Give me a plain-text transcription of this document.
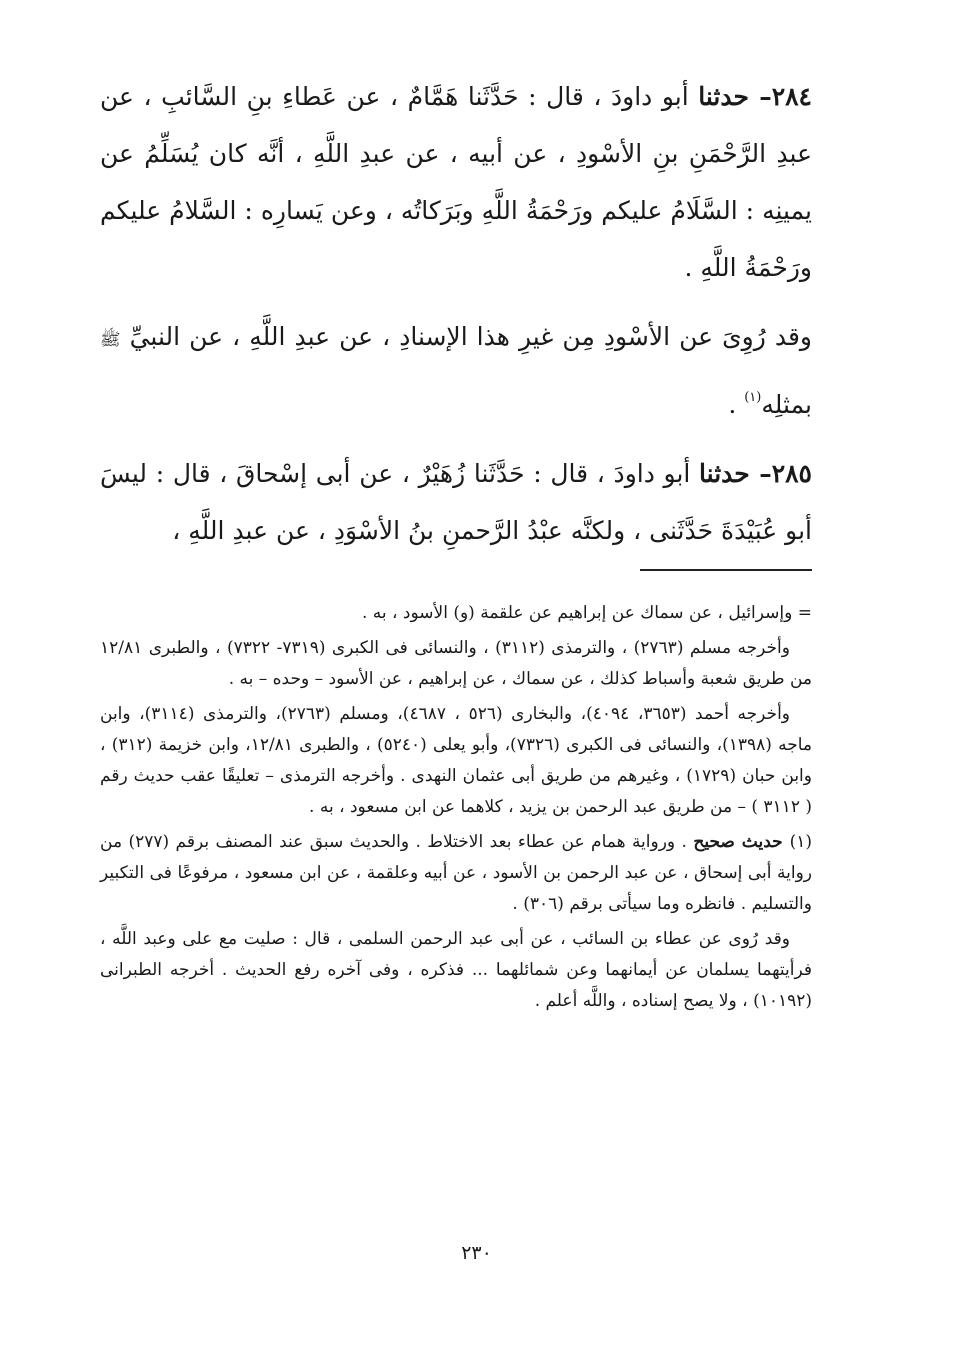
٢٨٤– حدثنا أبو داودَ ، قال : حَدَّثَنا هَمَّامٌ ، عن عَطاءِ بنِ السَّائبِ ، عن عبدِ الرَّحْمَنِ بنِ الأسْودِ ، عن أبيه ، عن عبدِ اللَّهِ ، أنَّه كان يُسَلِّمُ عن يمينِه : السَّلَامُ عليكم ورَحْمَةُ اللَّهِ وبَرَكاتُه ، وعن يَسارِه : السَّلامُ عليكم ورَحْمَةُ اللَّهِ .

وقد رُوِىَ عن الأسْودِ مِن غيرِ هذا الإسنادِ ، عن عبدِ اللَّهِ ، عن النبيِّ ﷺ بمثلِه$^{(١)}$ .

٢٨٥– حدثنا أبو داودَ ، قال : حَدَّثَنا زُهَيْرٌ ، عن أبى إسْحاقَ ، قال : ليسَ أبو عُبَيْدَةَ حَدَّثَنى ، ولكنَّه عبْدُ الرَّحمنِ بنُ الأسْوَدِ ، عن عبدِ اللَّهِ ،

= وإسرائيل ، عن سماك عن إبراهيم عن علقمة (و) الأسود ، به .

وأخرجه مسلم (٢٧٦٣) ، والترمذى (٣١١٢) ، والنسائى فى الكبرى (٧٣١٩- ٧٣٢٢) ، والطبرى ١٢/٨١ من طريق شعبة وأسباط كذلك ، عن سماك ، عن إبراهيم ، عن الأسود – وحده – به .

وأخرجه أحمد (٣٦٥٣، ٤٠٩٤)، والبخارى (٥٢٦ ، ٤٦٨٧)، ومسلم (٢٧٦٣)، والترمذى (٣١١٤)، وابن ماجه (١٣٩٨)، والنسائى فى الكبرى (٧٣٢٦)، وأبو يعلى (٥٢٤٠) ، والطبرى ١٢/٨١، وابن خزيمة (٣١٢) ، وابن حبان (١٧٢٩) ، وغيرهم من طريق أبى عثمان النهدى . وأخرجه الترمذى – تعليقًا عقب حديث رقم ( ٣١١٢ ) – من طريق عبد الرحمن بن يزيد ، كلاهما عن ابن مسعود ، به .

(١) حديث صحيح . ورواية همام عن عطاء بعد الاختلاط . والحديث سبق عند المصنف برقم (٢٧٧) من رواية أبى إسحاق ، عن عبد الرحمن بن الأسود ، عن أبيه وعلقمة ، عن ابن مسعود ، مرفوعًا فى التكبير والتسليم . فانظره وما سيأتى برقم (٣٠٦) .

وقد رُوى عن عطاء بن السائب ، عن أبى عبد الرحمن السلمى ، قال : صليت مع على وعبد اللَّه ، فرأيتهما يسلمان عن أيمانهما وعن شمائلهما ... فذكره ، وفى آخره رفع الحديث . أخرجه الطبرانى (١٠١٩٢) ، ولا يصح إسناده ، واللَّه أعلم .

٢٣٠
